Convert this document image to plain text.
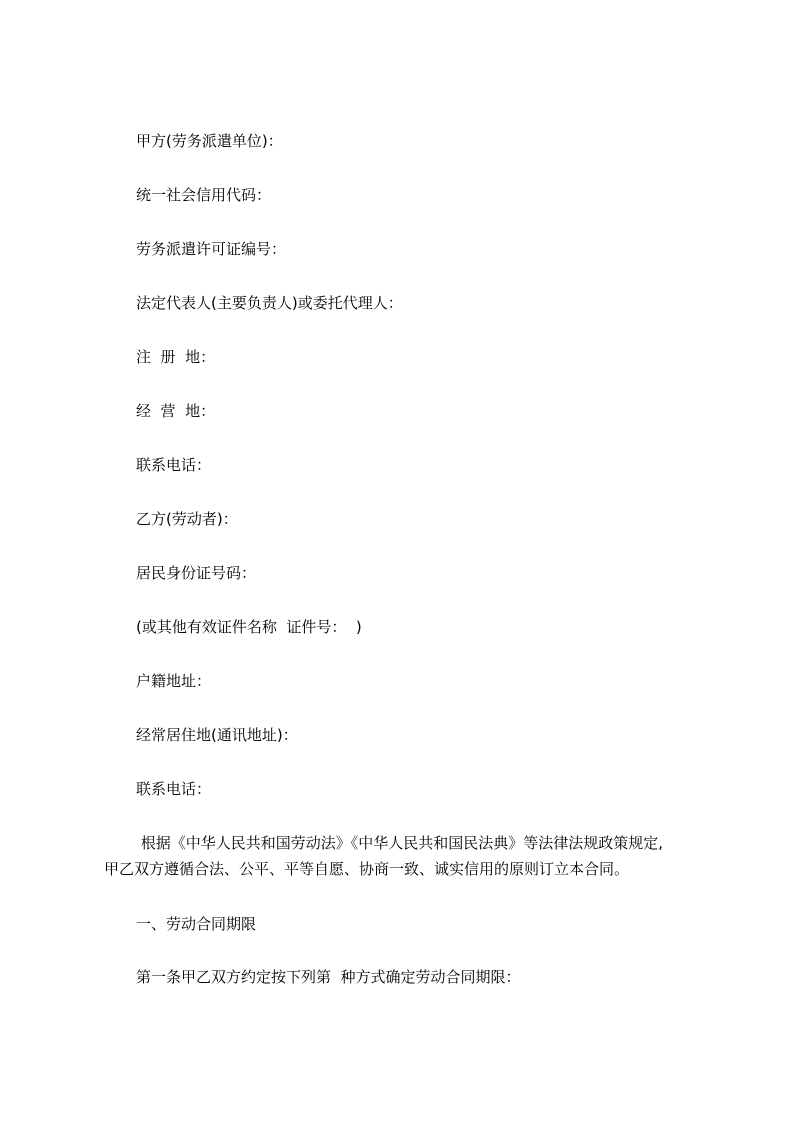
甲方(劳务派遣单位)：
统一社会信用代码：
劳务派遣许可证编号：
法定代表人(主要负责人)或委托代理人：
注  册  地：
经  营  地：
联系电话：
乙方(劳动者)：
居民身份证号码：
(或其他有效证件名称  证件号：  )
户籍地址：
经常居住地(通讯地址)：
联系电话：
根据《中华人民共和国劳动法》《中华人民共和国民法典》等法律法规政策规定,
甲乙双方遵循合法、公平、平等自愿、协商一致、诚实信用的原则订立本合同。
一、劳动合同期限
第一条甲乙双方约定按下列第  种方式确定劳动合同期限：
